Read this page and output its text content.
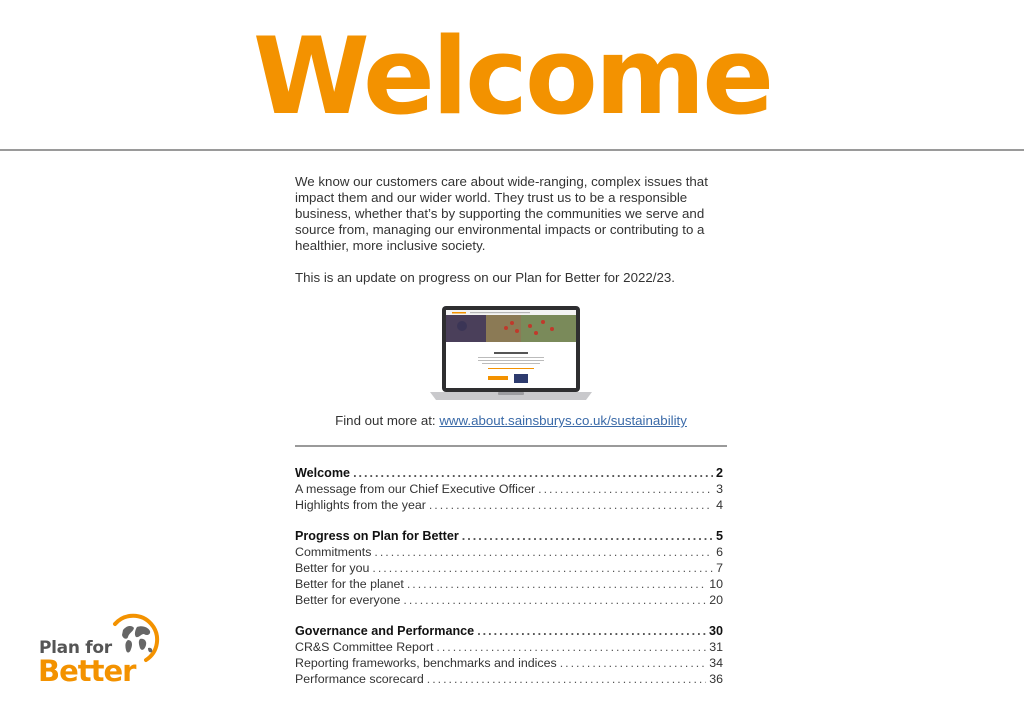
Welcome

We know our customers care about wide-ranging, complex issues that impact them and our wider world. They trust us to be a responsible business, whether that’s by supporting the communities we serve and source from, managing our environmental impacts or contributing to a healthier, more inclusive society.

This is an update on progress on our Plan for Better for 2022/23.

Find out more at: www.about.sainsburys.co.uk/sustainability
Welcome .....	2
A message from our Chief Executive Officer .....	3
Highlights from the year .....	4
Progress on Plan for Better .....	5
Commitments .....	6
Better for you .....	7
Better for the planet .....	10
Better for everyone .....	20
Governance and Performance .....	30
CR&S Committee Report .....	31
Reporting frameworks, benchmarks and indices .....	34
Performance scorecard .....	36
Plan for
Better
